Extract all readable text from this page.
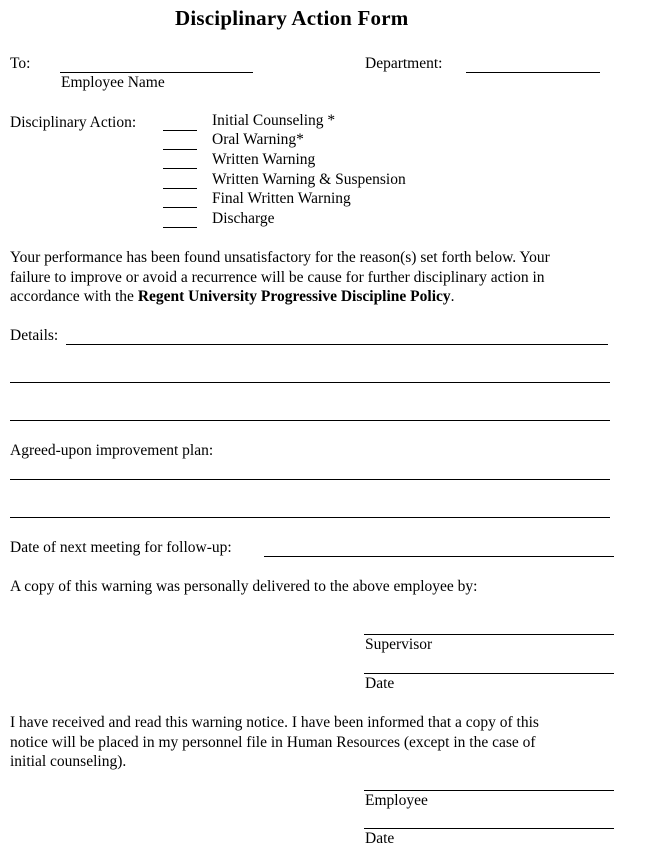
Disciplinary Action Form
To:
Employee Name
Department:
Disciplinary Action:	Initial Counseling *
Oral Warning*
Written Warning
Written Warning & Suspension
Final Written Warning
Discharge
Your performance has been found unsatisfactory for the reason(s) set forth below. Your
failure to improve or avoid a recurrence will be cause for further disciplinary action in
accordance with the Regent University Progressive Discipline Policy.
Details:
Agreed-upon improvement plan:
Date of next meeting for follow-up:
A copy of this warning was personally delivered to the above employee by:
Supervisor
Date
I have received and read this warning notice. I have been informed that a copy of this
notice will be placed in my personnel file in Human Resources (except in the case of
initial counseling).
Employee
Date
